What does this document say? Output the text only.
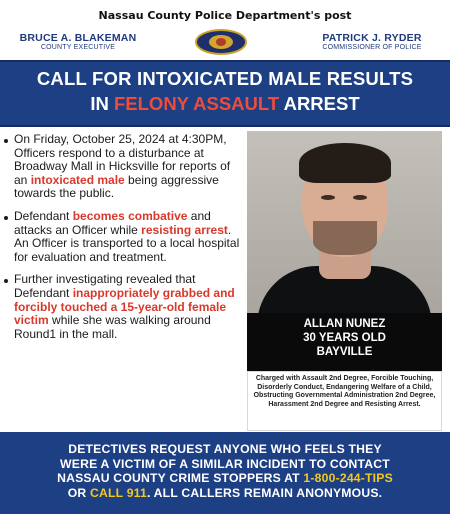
Nassau County Police Department's post
BRUCE A. BLAKEMAN
COUNTY EXECUTIVE
PATRICK J. RYDER
COMMISSIONER OF POLICE
CALL FOR INTOXICATED MALE RESULTS
IN FELONY ASSAULT ARREST
On Friday, October 25, 2024 at 4:30PM, Officers respond to a disturbance at Broadway Mall in Hicksville for reports of an intoxicated male being aggressive towards the public.
Defendant becomes combative and attacks an Officer while resisting arrest. An Officer is transported to a local hospital for evaluation and treatment.
Further investigating revealed that Defendant inappropriately grabbed and forcibly touched a 15-year-old female victim while she was walking around Round1 in the mall.
ALLAN NUNEZ
30 YEARS OLD
BAYVILLE
Charged with Assault 2nd Degree, Forcible Touching, Disorderly Conduct, Endangering Welfare of a Child, Obstructing Governmental Administration 2nd Degree, Harassment 2nd Degree and Resisting Arrest.
DETECTIVES REQUEST ANYONE WHO FEELS THEY
WERE A VICTIM OF A SIMILAR INCIDENT TO CONTACT
NASSAU COUNTY CRIME STOPPERS AT 1-800-244-TIPS
OR CALL 911. ALL CALLERS REMAIN ANONYMOUS.
